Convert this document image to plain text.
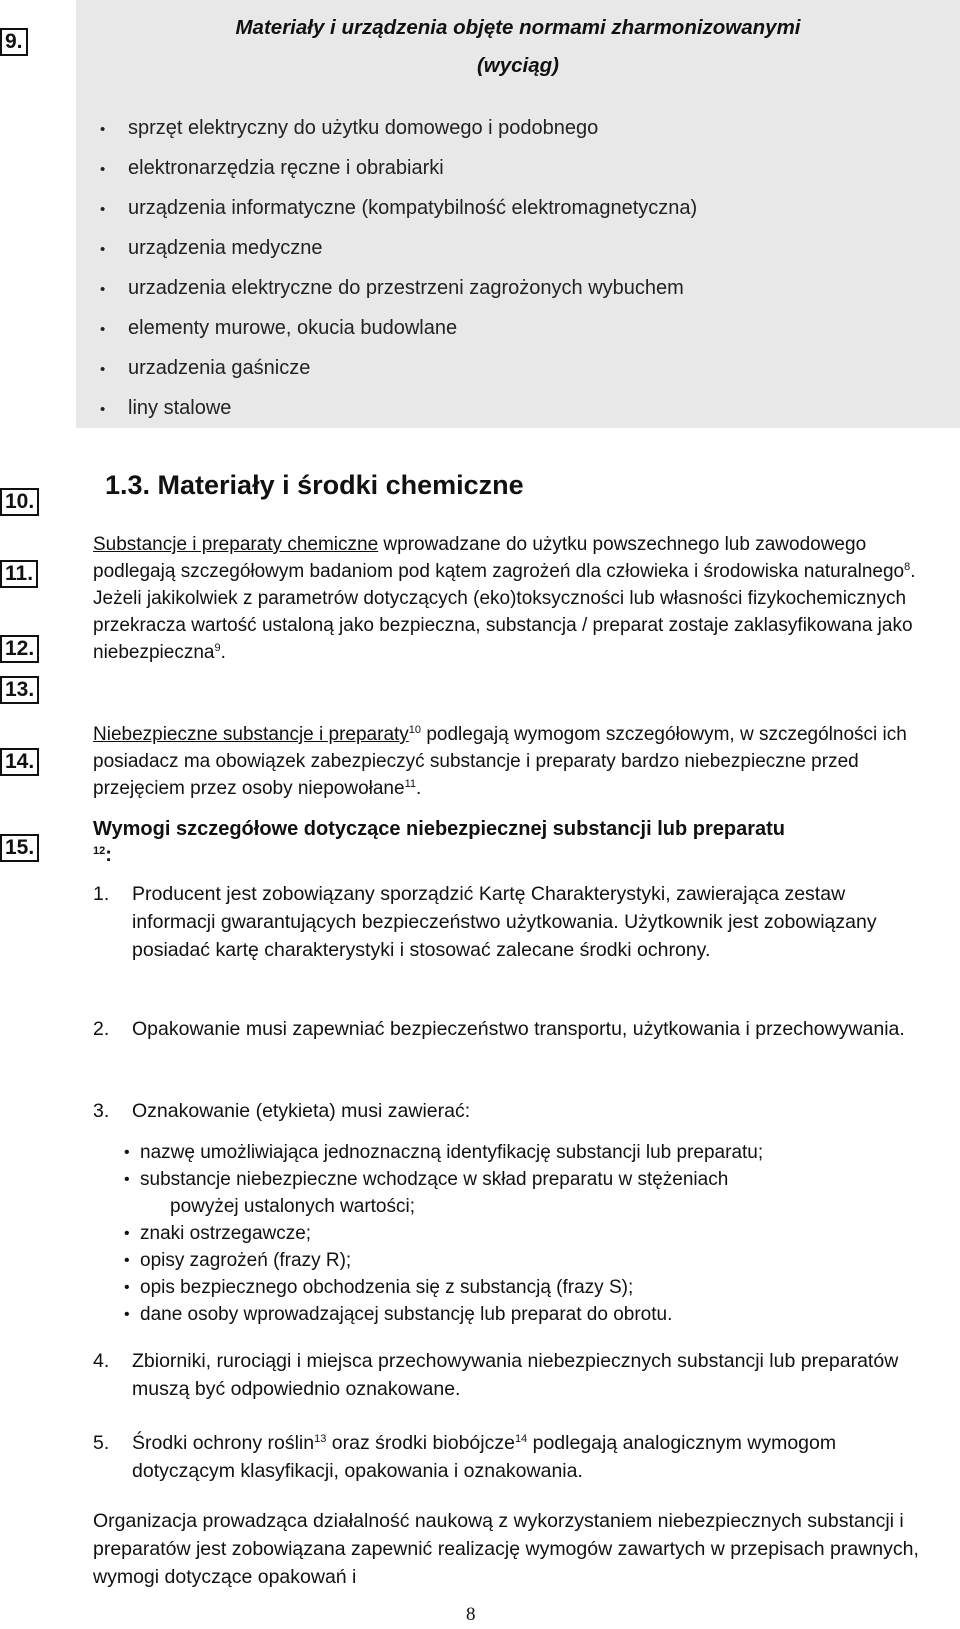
9.
10.
11.
12.
13.
14.
15.
Materiały i urządzenia objęte normami zharmonizowanymi
(wyciąg)
•	sprzęt elektryczny do użytku domowego i podobnego
•	elektronarzędzia ręczne i obrabiarki
•	urządzenia informatyczne (kompatybilność elektromagnetyczna)
•	urządzenia medyczne
•	urzadzenia elektryczne do przestrzeni zagrożonych wybuchem
•	elementy murowe, okucia budowlane
•	urzadzenia gaśnicze
•	liny stalowe
1.3. Materiały i środki chemiczne
Substancje i preparaty chemiczne wprowadzane do użytku powszechnego lub zawodowego podlegają szczegółowym badaniom pod kątem zagrożeń dla człowieka i środowiska naturalnego$^8$. Jeżeli jakikolwiek z parametrów dotyczących (eko)toksyczności lub własności fizykochemicznych przekracza wartość ustaloną jako bezpieczna, substancja / preparat zostaje zaklasyfikowana jako niebezpieczna$^9$.
Niebezpieczne substancje i preparaty$^{10}$ podlegają wymogom szczegółowym, w szczególności ich posiadacz ma obowiązek zabezpieczyć substancje i preparaty bardzo niebezpieczne przed przejęciem przez osoby niepowołane$^{11}$.
Wymogi szczegółowe dotyczące niebezpiecznej substancji lub preparatu
$^{12}$:
1. Producent jest zobowiązany sporządzić Kartę Charakterystyki, zawierająca zestaw informacji gwarantujących bezpieczeństwo użytkowania. Użytkownik jest zobowiązany posiadać kartę charakterystyki i stosować zalecane środki ochrony.
2. Opakowanie musi zapewniać bezpieczeństwo transportu, użytkowania i przechowywania.
3. Oznakowanie (etykieta) musi zawierać:
• nazwę umożliwiająca jednoznaczną identyfikację substancji lub preparatu;
• substancje niebezpieczne wchodzące w skład preparatu w stężeniach
powyżej ustalonych wartości;
• znaki ostrzegawcze;
• opisy zagrożeń (frazy R);
• opis bezpiecznego obchodzenia się z substancją (frazy S);
• dane osoby wprowadzającej substancję lub preparat do obrotu.
4. Zbiorniki, rurociągi i miejsca przechowywania niebezpiecznych substancji lub preparatów muszą być odpowiednio oznakowane.
5. Środki ochrony roślin$^{13}$ oraz środki biobójcze$^{14}$ podlegają analogicznym wymogom dotyczącym klasyfikacji, opakowania i oznakowania.
Organizacja prowadząca działalność naukową z wykorzystaniem niebezpiecznych substancji i preparatów jest zobowiązana zapewnić realizację wymogów zawartych w przepisach prawnych, wymogi dotyczące opakowań i
8
